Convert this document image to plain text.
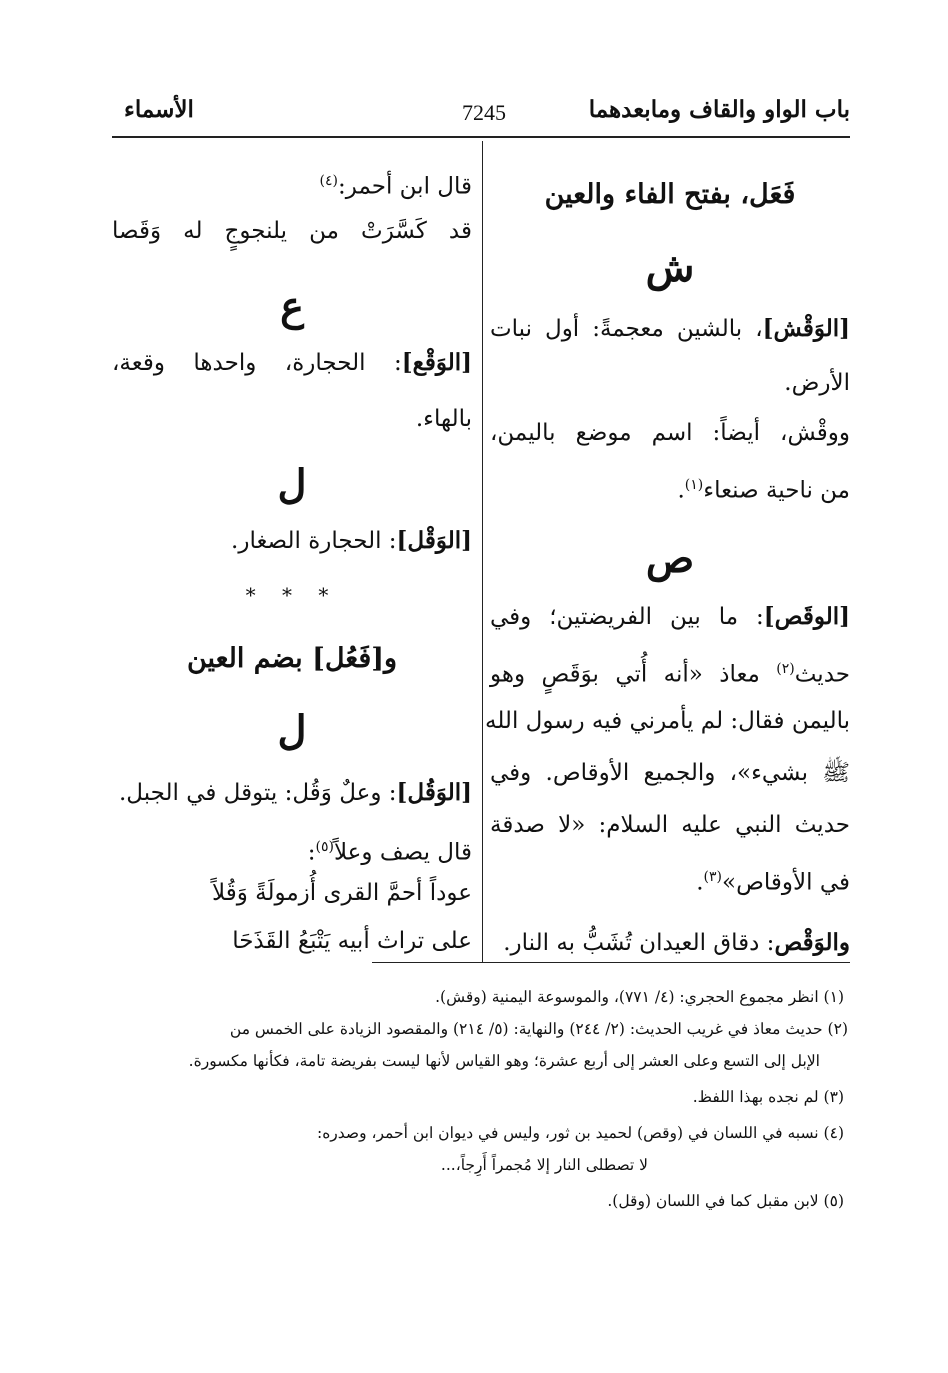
باب الواو والقاف ومابعدهما
7245
الأسماء
فَعَل، بفتح الفاء والعين
ش
[الوَقْش]، بالشين معجمةً: أول نبات
الأرض.
ووقْش، أيضاً: اسم موضع باليمن،
من ناحية صنعاء$^{(١)}$.
ص
[الوقَص]: ما بين الفريضتين؛ وفي
حديث$^{(٢)}$ معاذ «أنه أُتي بوَقَصٍ وهو
باليمن فقال: لم يأمرني فيه رسول الله
ﷺ بشيء»، والجميع الأوقاص. وفي
حديث النبي عليه السلام: «لا صدقة
في الأوقاص»$^{(٣)}$.
والوَقْص: دقاق العيدان تُشَبُّ به النار.
قال ابن أحمر:$^{(٤)}$
قد كَسَّرَتْ من يلنجوجٍ له وَقَصا
ع
[الوَقْع]: الحجارة، واحدها وقعة،
بالهاء.
ل
[الوَقْل]: الحجارة الصغار.
* * *
و[فَعُل] بضم العين
ل
[الوَقُل]: وعلٌ وَقُل: يتوقل في الجبل.
قال يصف وعلاً$^{(٥)}$:
عوداً أحمَّ القرى أُزمولَةً وَقُلاً
على تراث أبيه يَتْبَعُ القَذَحَا
(١) انظر مجموع الحجري: (٤/ ٧٧١)، والموسوعة اليمنية (وقش).
(٢) حديث معاذ في غريب الحديث: (٢/ ٢٤٤) والنهاية: (٥/ ٢١٤) والمقصود الزيادة على الخمس من
الإبل إلى التسع وعلى العشر إلى أربع عشرة؛ وهو القياس لأنها ليست بفريضة تامة، فكأنها مكسورة.
(٣) لم نجده بهذا اللفظ.
(٤) نسبه في اللسان في (وقص) لحميد بن ثور، وليس في ديوان ابن أحمر، وصدره:
لا تصطلى النار إلا مُجمراً أَرِجاً،...
(٥) لابن مقبل كما في اللسان (وقل).
